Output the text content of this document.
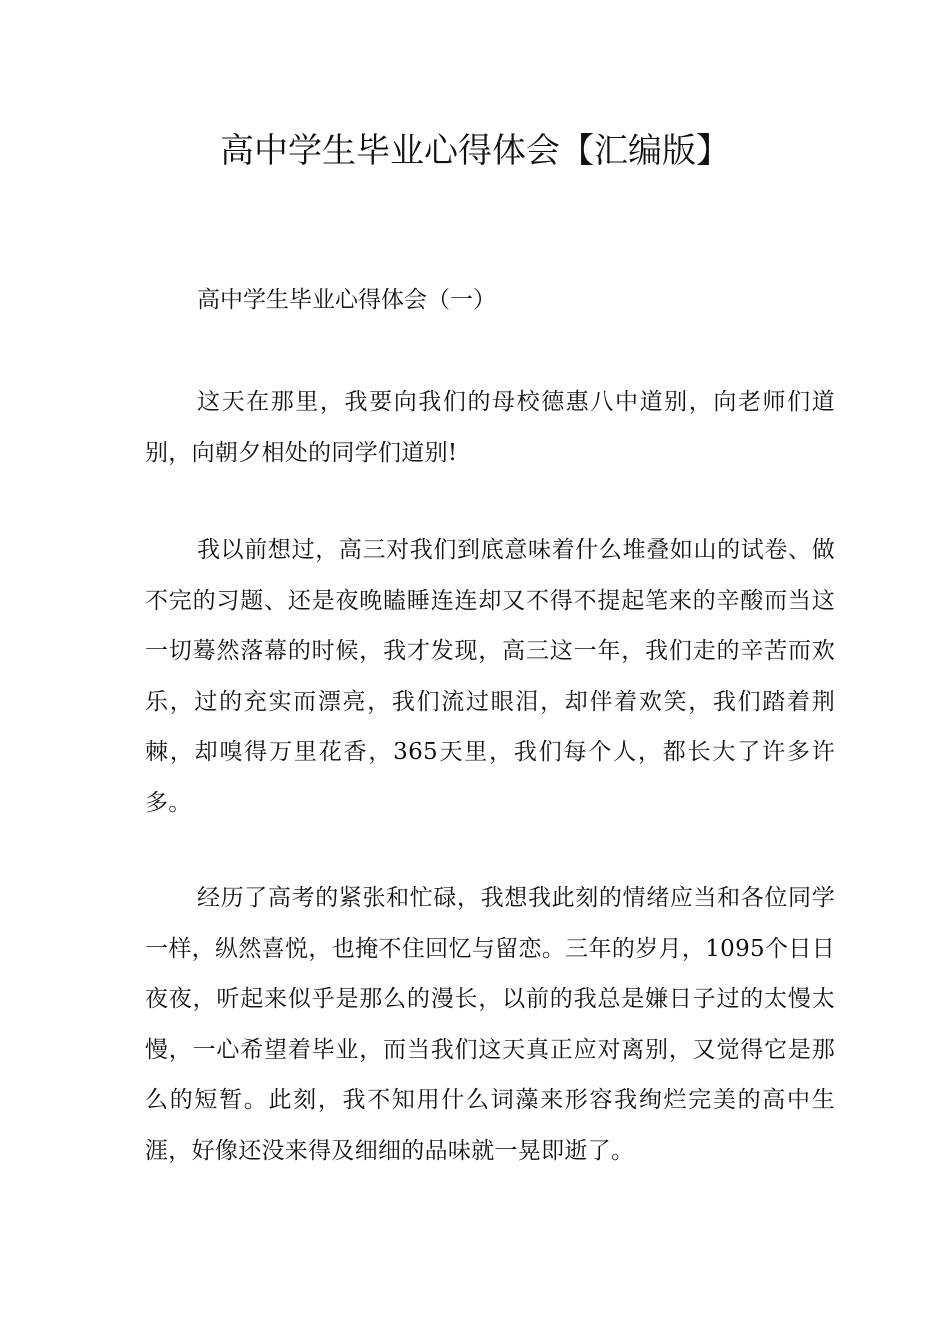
高中学生毕业心得体会【汇编版】

高中学生毕业心得体会（一）

这天在那里，我要向我们的母校德惠八中道别，向老师们道别，向朝夕相处的同学们道别!

我以前想过，高三对我们到底意味着什么堆叠如山的试卷、做不完的习题、还是夜晚瞌睡连连却又不得不提起笔来的辛酸而当这一切蓦然落幕的时候，我才发现，高三这一年，我们走的辛苦而欢乐，过的充实而漂亮，我们流过眼泪，却伴着欢笑，我们踏着荆棘，却嗅得万里花香，365天里，我们每个人，都长大了许多许多。

经历了高考的紧张和忙碌，我想我此刻的情绪应当和各位同学一样，纵然喜悦，也掩不住回忆与留恋。三年的岁月，1095个日日夜夜，听起来似乎是那么的漫长，以前的我总是嫌日子过的太慢太慢，一心希望着毕业，而当我们这天真正应对离别，又觉得它是那么的短暂。此刻，我不知用什么词藻来形容我绚烂完美的高中生涯，好像还没来得及细细的品味就一晃即逝了。
